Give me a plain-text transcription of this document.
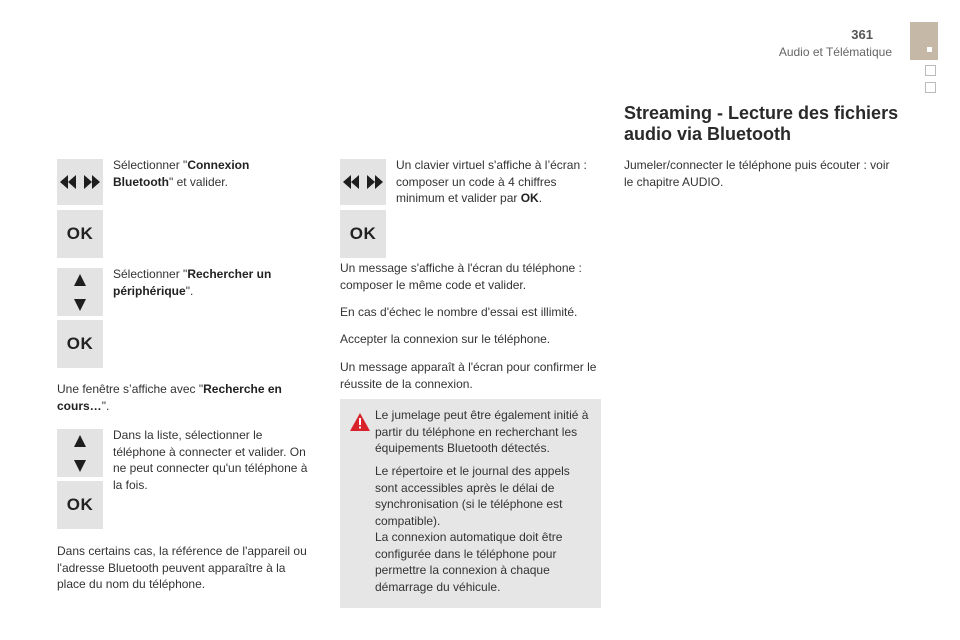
361
Audio et Télématique
Sélectionner "Connexion Bluetooth" et valider.
OK
Sélectionner "Rechercher un périphérique".
OK
Une fenêtre s’affiche avec "Recherche en cours…".
Dans la liste, sélectionner le téléphone à connecter et valider. On ne peut connecter qu'un téléphone à la fois.
OK
Dans certains cas, la référence de l'appareil ou l'adresse Bluetooth peuvent apparaître à la place du nom du téléphone.
Un clavier virtuel s'affiche à l’écran : composer un code à 4 chiffres minimum et valider par OK.
OK
Un message s'affiche à l'écran du téléphone : composer le même code et valider.
En cas d'échec le nombre d'essai est illimité.
Accepter la connexion sur le téléphone.
Un message apparaît à l'écran pour confirmer le réussite de la connexion.
Le jumelage peut être également initié à partir du téléphone en recherchant les équipements Bluetooth détectés.
Le répertoire et le journal des appels sont accessibles après le délai de synchronisation (si le téléphone est compatible).
La connexion automatique doit être configurée dans le téléphone pour permettre la connexion à chaque démarrage du véhicule.
Streaming - Lecture des fichiers audio via Bluetooth
Jumeler/connecter le téléphone puis écouter : voir le chapitre AUDIO.
